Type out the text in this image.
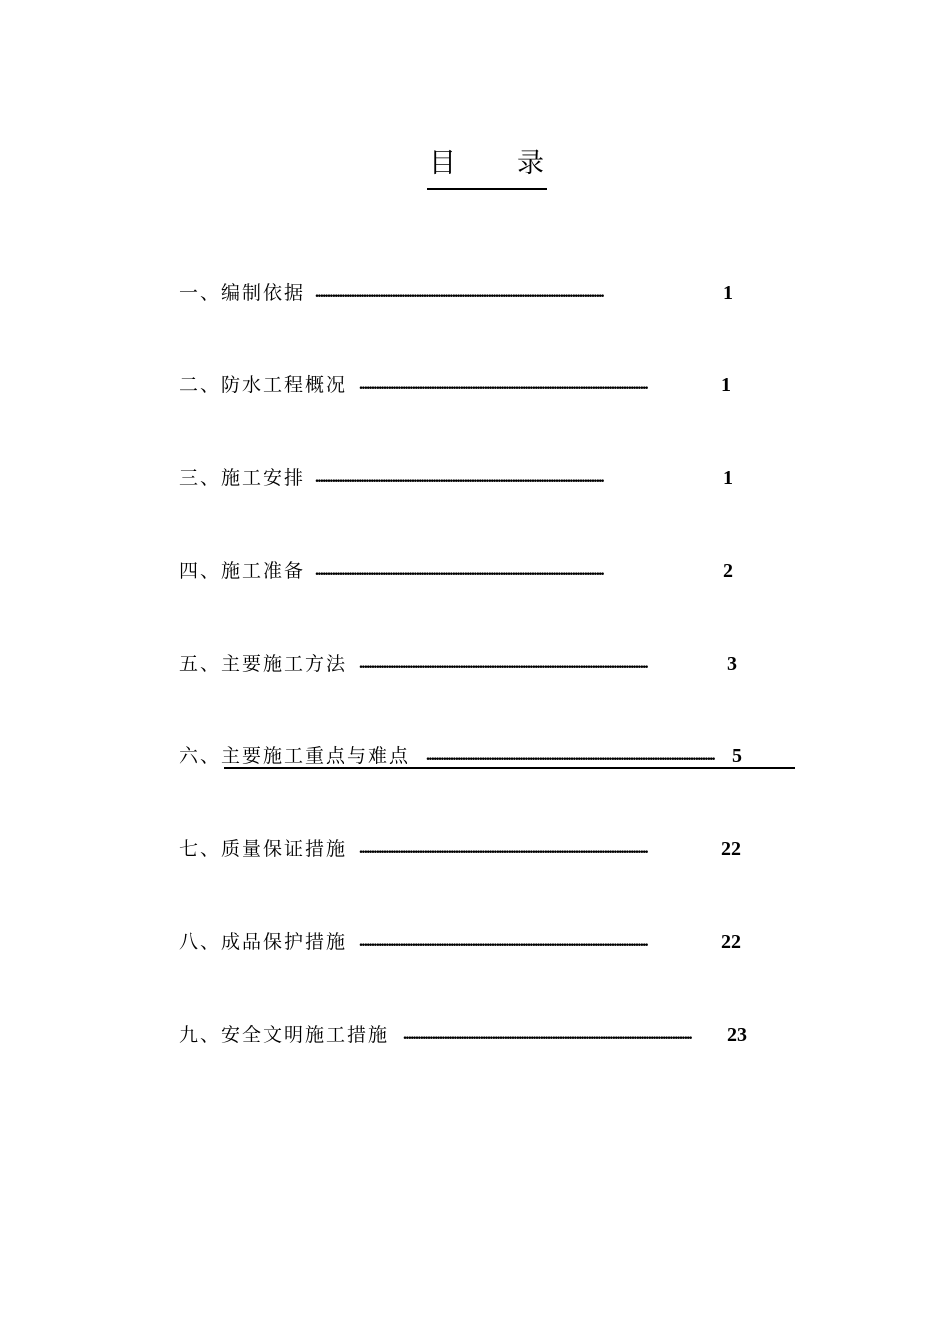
目 录
一、编制依据 ........................................................................................................................	1
二、防水工程概况 ........................................................................................................................	1
三、施工安排 ........................................................................................................................	1
四、施工准备 ........................................................................................................................	2
五、主要施工方法 ........................................................................................................................	3
六、主要施工重点与难点 ........................................................................................................................ 5
七、质量保证措施 ........................................................................................................................	22
八、成品保护措施 ........................................................................................................................	22
九、安全文明施工措施 ........................................................................................................................	23
